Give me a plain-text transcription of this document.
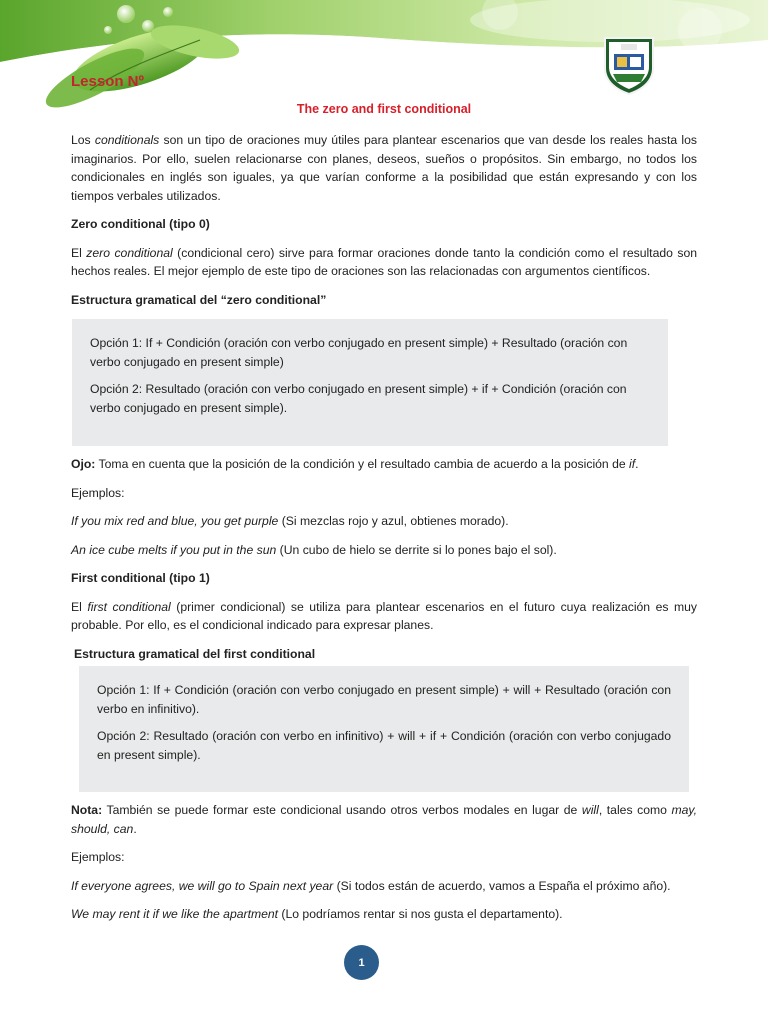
Lesson Nº
The zero and first conditional

Los conditionals son un tipo de oraciones muy útiles para plantear escenarios que van desde los reales hasta los imaginarios. Por ello, suelen relacionarse con planes, deseos, sueños o propósitos. Sin embargo, no todos los condicionales en inglés son iguales, ya que varían conforme a la posibilidad que están expresando y con los tiempos verbales utilizados.

Zero conditional (tipo 0)

El zero conditional (condicional cero) sirve para formar oraciones donde tanto la condición como el resultado son hechos reales. El mejor ejemplo de este tipo de oraciones son las relacionadas con argumentos científicos.

Estructura gramatical del “zero conditional”

Opción 1: If + Condición (oración con verbo conjugado en present simple) + Resultado (oración con verbo conjugado en present simple)

Opción 2: Resultado (oración con verbo conjugado en present simple) + if + Condición (oración con verbo conjugado en present simple).

Ojo: Toma en cuenta que la posición de la condición y el resultado cambia de acuerdo a la posición de if.

Ejemplos:

If you mix red and blue, you get purple (Si mezclas rojo y azul, obtienes morado).

An ice cube melts if you put in the sun (Un cubo de hielo se derrite si lo pones bajo el sol).

First conditional (tipo 1)

El first conditional (primer condicional) se utiliza para plantear escenarios en el futuro cuya realización es muy probable. Por ello, es el condicional indicado para expresar planes.

Estructura gramatical del first conditional

Opción 1: If + Condición (oración con verbo conjugado en present simple) + will + Resultado (oración con verbo en infinitivo).

Opción 2: Resultado (oración con verbo en infinitivo) + will + if + Condición (oración con verbo conjugado en present simple).

Nota: También se puede formar este condicional usando otros verbos modales en lugar de will, tales como may, should, can.

Ejemplos:

If everyone agrees, we will go to Spain next year (Si todos están de acuerdo, vamos a España el próximo año).

We may rent it if we like the apartment (Lo podríamos rentar si nos gusta el departamento).

1
